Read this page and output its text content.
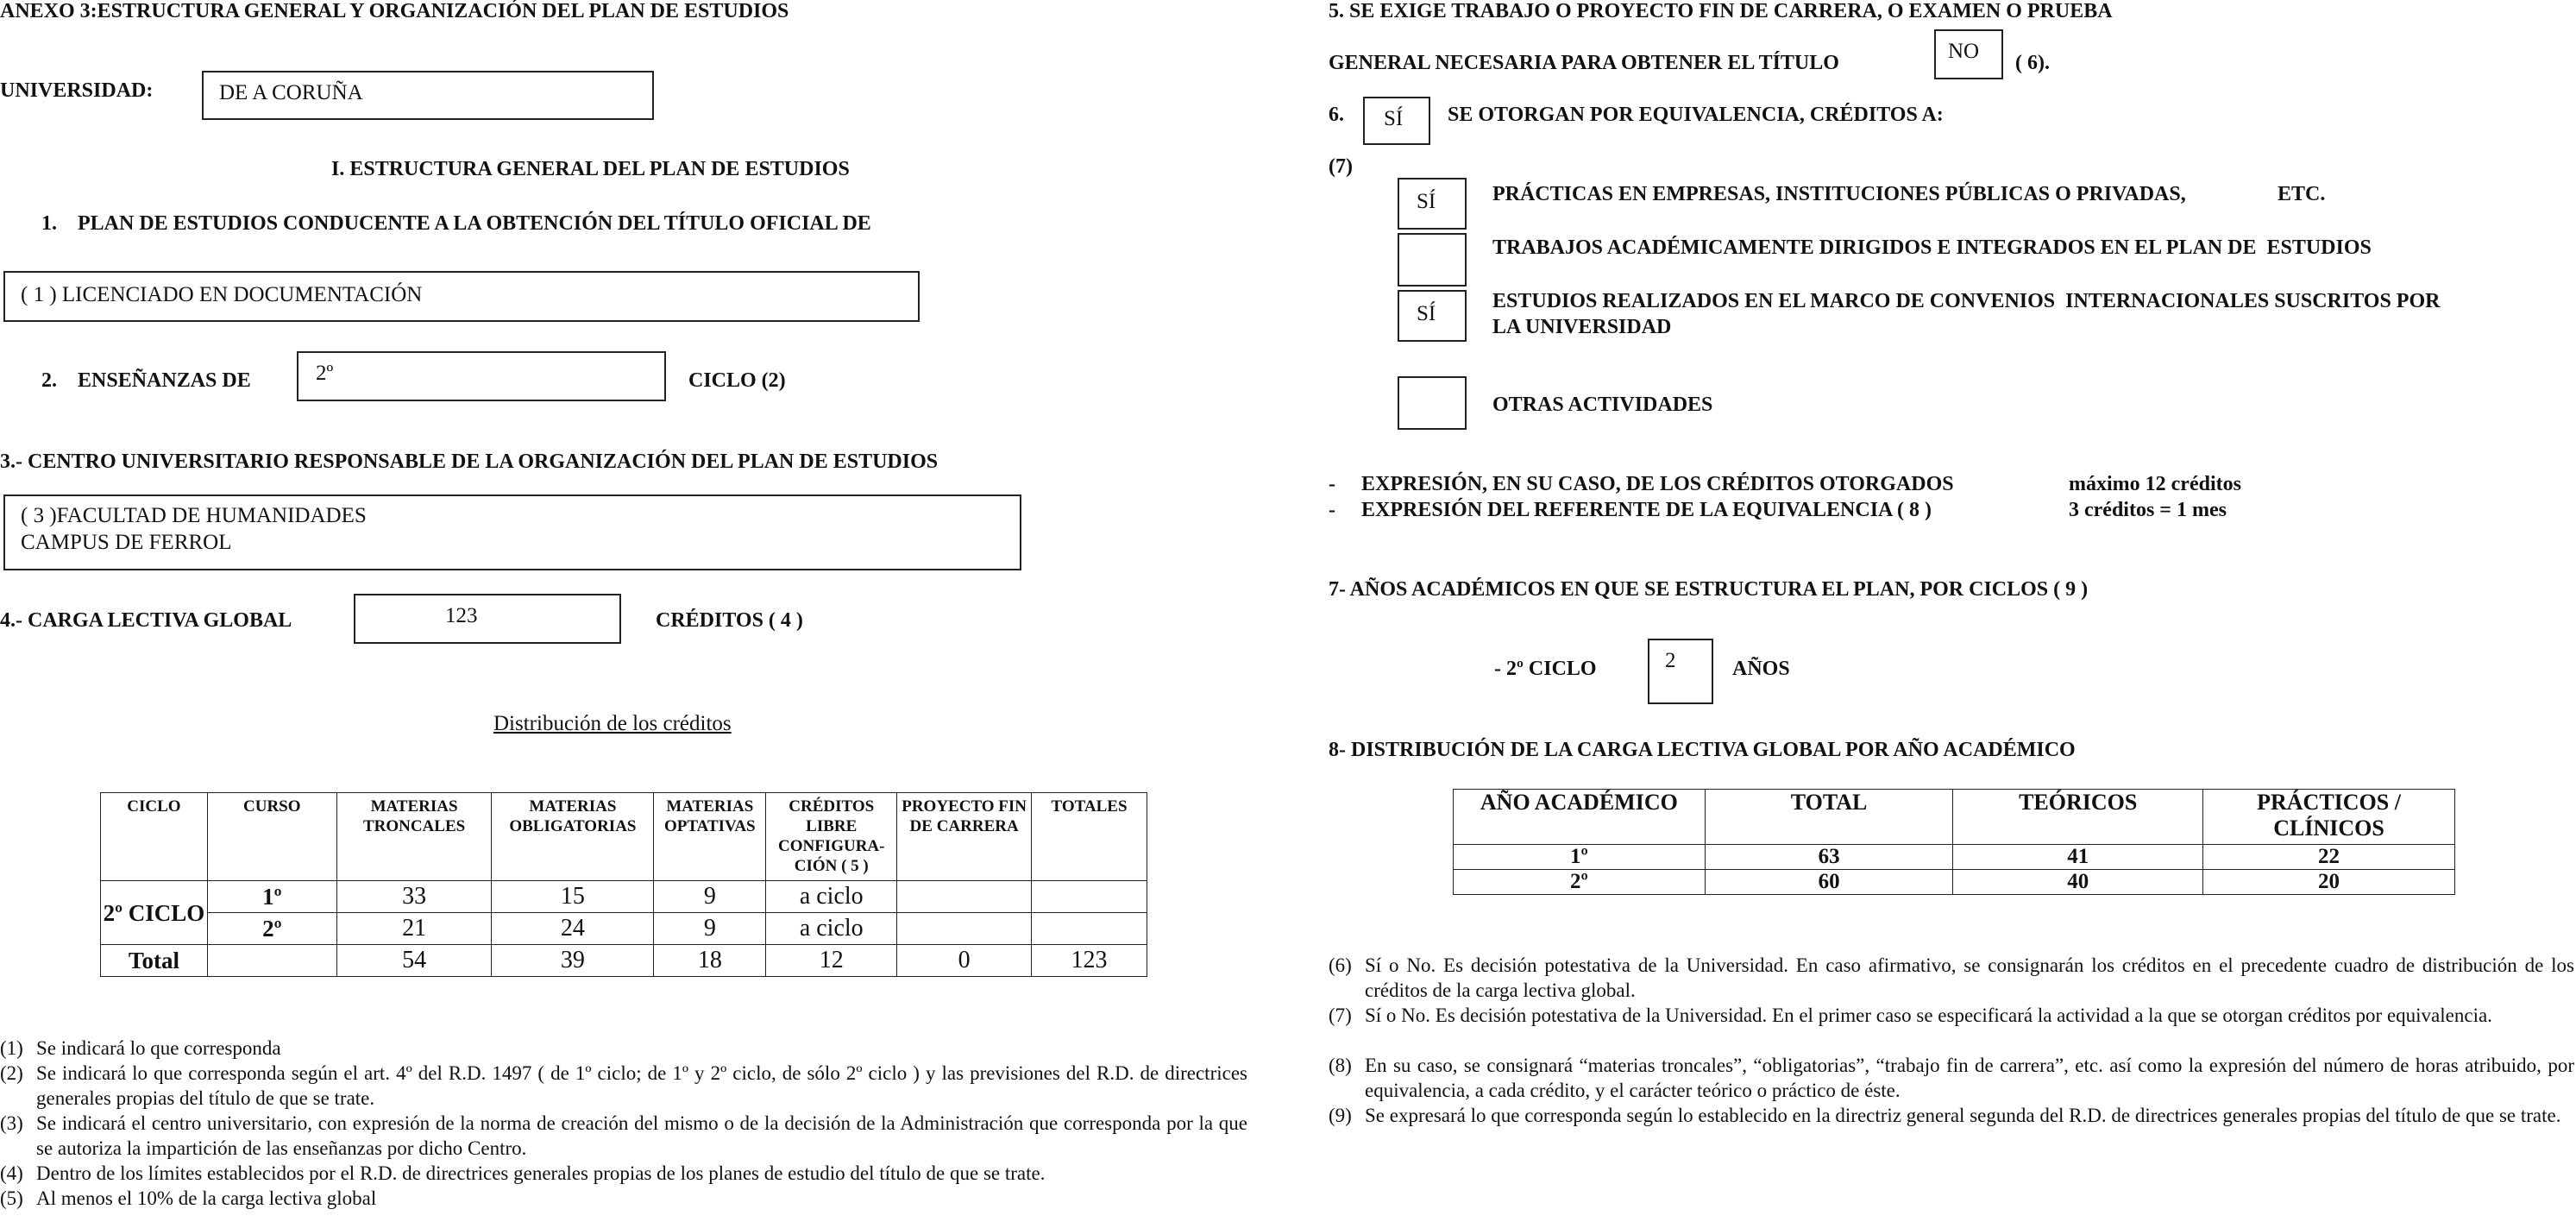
ANEXO 3:ESTRUCTURA GENERAL Y ORGANIZACIÓN DEL PLAN DE ESTUDIOS
UNIVERSIDAD:	DE A CORUÑA
I. ESTRUCTURA GENERAL DEL PLAN DE ESTUDIOS
1.    PLAN DE ESTUDIOS CONDUCENTE A LA OBTENCIÓN DEL TÍTULO OFICIAL DE
( 1 ) LICENCIADO EN DOCUMENTACIÓN
2.    ENSEÑANZAS DE	2º	CICLO (2)
3.- CENTRO UNIVERSITARIO RESPONSABLE DE LA ORGANIZACIÓN DEL PLAN DE ESTUDIOS
( 3 )FACULTAD DE HUMANIDADES
CAMPUS DE FERROL
4.- CARGA LECTIVA GLOBAL	123	CRÉDITOS ( 4 )
Distribución de los créditos
CICLO	CURSO	MATERIAS TRONCALES	MATERIAS OBLIGATORIAS	MATERIAS OPTATIVAS	CRÉDITOS LIBRE CONFIGURA-CIÓN ( 5 )	PROYECTO FIN DE CARRERA	TOTALES
2º CICLO	1º	33	15	9	a ciclo		
	2º	21	24	9	a ciclo		
Total		54	39	18	12	0	123
(1) Se indicará lo que corresponda
(2) Se indicará lo que corresponda según el art. 4º del R.D. 1497 ( de 1º ciclo; de 1º y 2º ciclo, de sólo 2º ciclo ) y las previsiones del R.D. de directrices generales propias del título de que se trate.
(3) Se indicará el centro universitario, con expresión de la norma de creación del mismo o de la decisión de la Administración que corresponda por la que se autoriza la impartición de las enseñanzas por dicho Centro.
(4) Dentro de los límites establecidos por el R.D. de directrices generales propias de los planes de estudio del título de que se trate.
(5) Al menos el 10% de la carga lectiva global
5. SE EXIGE TRABAJO O PROYECTO FIN DE CARRERA, O EXAMEN O PRUEBA
GENERAL NECESARIA PARA OBTENER EL TÍTULO	NO ( 6).
6. SÍ SE OTORGAN POR EQUIVALENCIA, CRÉDITOS A:
(7)
SÍ	PRÁCTICAS EN EMPRESAS, INSTITUCIONES PÚBLICAS O PRIVADAS,	ETC.
TRABAJOS ACADÉMICAMENTE DIRIGIDOS E INTEGRADOS EN EL PLAN DE  ESTUDIOS
SÍ
ESTUDIOS REALIZADOS EN EL MARCO DE CONVENIOS  INTERNACIONALES SUSCRITOS POR
LA UNIVERSIDAD
OTRAS ACTIVIDADES
-     EXPRESIÓN, EN SU CASO, DE LOS CRÉDITOS OTORGADOS	máximo 12 créditos
-     EXPRESIÓN DEL REFERENTE DE LA EQUIVALENCIA ( 8 )	3 créditos = 1 mes
7- AÑOS ACADÉMICOS EN QUE SE ESTRUCTURA EL PLAN, POR CICLOS ( 9 )
- 2º CICLO	2	AÑOS
8- DISTRIBUCIÓN DE LA CARGA LECTIVA GLOBAL POR AÑO ACADÉMICO
AÑO ACADÉMICO	TOTAL	TEÓRICOS	PRÁCTICOS / CLÍNICOS
1º	63	41	22
2º	60	40	20
(6) Sí o No. Es decisión potestativa de la Universidad. En caso afirmativo, se consignarán los créditos en el precedente cuadro de distribución de los créditos de la carga lectiva global.
(7) Sí o No. Es decisión potestativa de la Universidad. En el primer caso se especificará la actividad a la que se otorgan créditos por equivalencia.
(8) En su caso, se consignará “materias troncales”, “obligatorias”, “trabajo fin de carrera”, etc. así como la expresión del número de horas atribuido, por equivalencia, a cada crédito, y el carácter teórico o práctico de éste.
(9) Se expresará lo que corresponda según lo establecido en la directriz general segunda del R.D. de directrices generales propias del título de que se trate.
